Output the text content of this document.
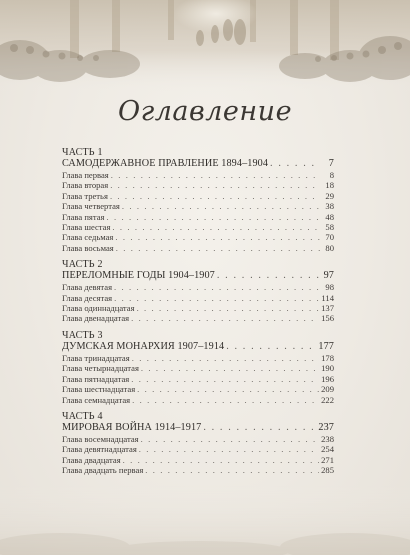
Оглавление
ЧАСТЬ 1
САМОДЕРЖАВНОЕ ПРАВЛЕНИЕ 1894–1904 . . .	7
Глава первая . . .	8
Глава вторая . . .	18
Глава третья . . .	29
Глава четвертая . . .	38
Глава пятая . . .	48
Глава шестая . . .	58
Глава седьмая . . .	70
Глава восьмая . . .	80
ЧАСТЬ 2
ПЕРЕЛОМНЫЕ ГОДЫ 1904–1907 . . .	97
Глава девятая . . .	98
Глава десятая . . .	114
Глава одиннадцатая . . .	137
Глава двенадцатая . . .	156
ЧАСТЬ 3
ДУМСКАЯ МОНАРХИЯ 1907–1914 . . .	177
Глава тринадцатая . . .	178
Глава четырнадцатая . . .	190
Глава пятнадцатая . . .	196
Глава шестнадцатая . . .	209
Глава семнадцатая . . .	222
ЧАСТЬ 4
МИРОВАЯ ВОЙНА 1914–1917 . . .	237
Глава восемнадцатая . . .	238
Глава девятнадцатая . . .	254
Глава двадцатая . . .	271
Глава двадцать первая . . .	285
